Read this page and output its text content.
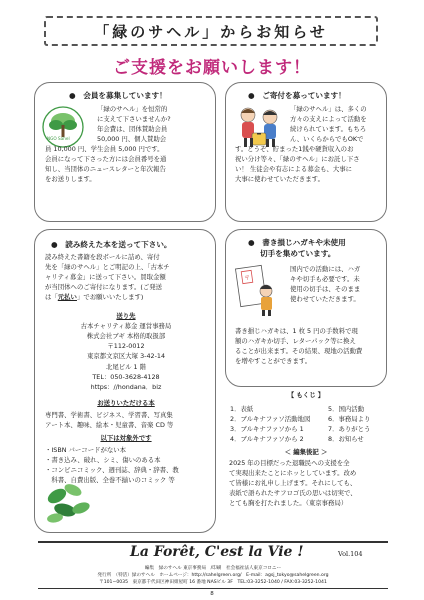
「緑のサヘル」からお知らせ
ご支援をお願いします！
●　会員を募集しています！
NGO Sahel
「緑のサヘル」を恒常的
に支えて下さいませんか?
年会費は、団体賛助会員
50,000 円、個人賛助会
員 10,000 円、学生会員 5,000 円です。
会員になって下さった方には会員番号を通
知し、当団体のニュースレターと年次報告
をお送りします。
●　ご寄付を募っています！
「緑のサヘル」は、多くの
方々の支えによって活動を
続けられています。もちろ
ん、いくらからでもOKで
す。どうぞ、貯まった1銭や硬貨収入のお
祝い分け等々、「緑のサヘル」にお託し下さ
い！ 生徒会や有志による募金も、大事に
大事に使わせていただきます。
●　読み終えた本を送って下さい。
読み終えた書籍を段ボールに詰め、寄付
先を「緑のサヘル」とご明記の上、「古本チ
ャリティ募金」に送って下さい。買取金額
が当団体へのご寄付になります。(ご発送
は「元払い」でお願いいたします)
送り先
古本チャリティ募金 運営事務局
株式会社ブギ 本格的取扱部
〒112-0012
東京都文京区大塚 3-42-14
北尾ビル 1 階
TEL：050-3628-4128
https：//hondana．biz
お送りいただける本
専門書、学術書、ビジネス、学習書、写真集
アート本、趣味、絵本・児童書、音楽 CD 等
以下は対象外です
・ISBN バーコードがない本
・書き込み、破れ、シミ、傷いのある本
・コンビニコミック、週刊誌、辞典・辞書、教
　科書、自費出版、全巻不揃いのコミック 等
●　書き損じハガキや未使用
切手を集めています。
〒
国内での活動には、ハガ
キや切手も必要です。未
使用の切手は、そのまま
使わせていただきます。
書き損じハガキは、1 枚 5 円の手数料で現
額のハガキか切手、レターパック等に換え
ることが出来ます。その結果、現地の活動費
を増やすことができます。
【 もくじ 】
1．表紙
2．ブルキナファソ活動地図
3．ブルキナファソから 1
4．ブルキナファソから 2
5．国内活動
6．事務局より
7．ありがとう
8．お知らせ
＜ 編集後記 ＞
2025 年の目標だった退職民への支援を全
て実現出来たことにホッとしています。改め
て皆様にお礼申し上げます。それにしても、
表紙で語られたサフロゴ氏の思いは切実で、
とても胸を打たれました。（東京事務局）
La Forêt, C'est la Vie !	Vol.104
編集　緑のサヘル 東京事務局　/印刷　社会福祉法人東京コロニー
発行所　（特活）緑のサヘル　ホームページ：http://sahelgreen.org/　E-mail：agsj_tokyo@sahelgreen.org
〒101−0035　東京都千代田区神田紺屋町 16 番地 NASビル 3F　TEL:03-3252-1040 / FAX:03-3252-1041
8
